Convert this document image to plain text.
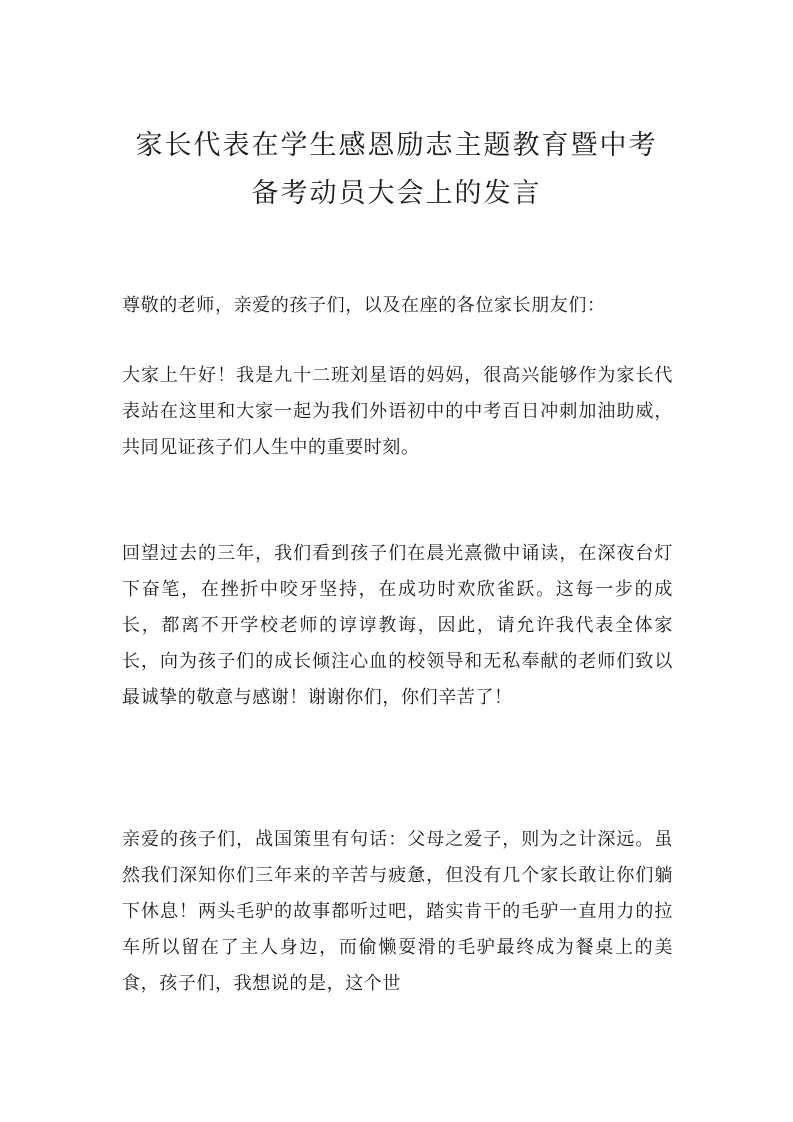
家长代表在学生感恩励志主题教育暨中考
备考动员大会上的发言

尊敬的老师，亲爱的孩子们，以及在座的各位家长朋友们：

大家上午好！我是九十二班刘星语的妈妈，很高兴能够作为家长代表站在这里和大家一起为我们外语初中的中考百日冲刺加油助威，共同见证孩子们人生中的重要时刻。

回望过去的三年，我们看到孩子们在晨光熹微中诵读，在深夜台灯下奋笔，在挫折中咬牙坚持，在成功时欢欣雀跃。这每一步的成长，都离不开学校老师的谆谆教诲，因此，请允许我代表全体家长，向为孩子们的成长倾注心血的校领导和无私奉献的老师们致以最诚挚的敬意与感谢！谢谢你们，你们辛苦了！

亲爱的孩子们，战国策里有句话：父母之爱子，则为之计深远。虽然我们深知你们三年来的辛苦与疲惫，但没有几个家长敢让你们躺下休息！两头毛驴的故事都听过吧，踏实肯干的毛驴一直用力的拉车所以留在了主人身边，而偷懒耍滑的毛驴最终成为餐桌上的美食，孩子们，我想说的是，这个世
